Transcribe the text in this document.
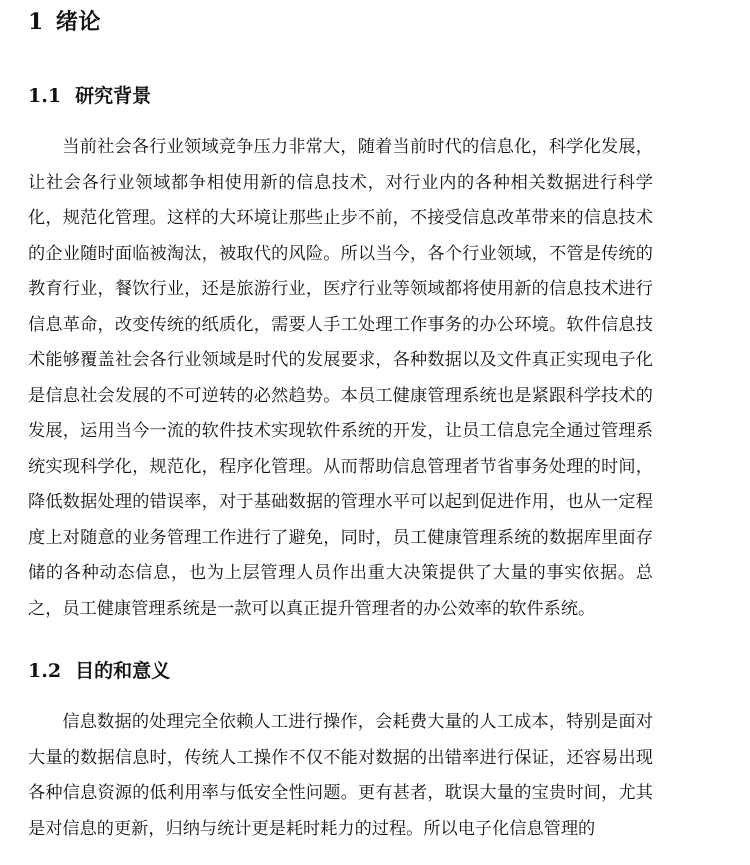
1 绪论
1.1 研究背景

当前社会各行业领域竞争压力非常大，随着当前时代的信息化，科学化发展，让社会各行业领域都争相使用新的信息技术，对行业内的各种相关数据进行科学化，规范化管理。这样的大环境让那些止步不前，不接受信息改革带来的信息技术的企业随时面临被淘汰，被取代的风险。所以当今，各个行业领域，不管是传统的教育行业，餐饮行业，还是旅游行业，医疗行业等领域都将使用新的信息技术进行信息革命，改变传统的纸质化，需要人手工处理工作事务的办公环境。软件信息技术能够覆盖社会各行业领域是时代的发展要求，各种数据以及文件真正实现电子化是信息社会发展的不可逆转的必然趋势。本员工健康管理系统也是紧跟科学技术的发展，运用当今一流的软件技术实现软件系统的开发，让员工信息完全通过管理系统实现科学化，规范化，程序化管理。从而帮助信息管理者节省事务处理的时间，降低数据处理的错误率，对于基础数据的管理水平可以起到促进作用，也从一定程度上对随意的业务管理工作进行了避免，同时，员工健康管理系统的数据库里面存储的各种动态信息，也为上层管理人员作出重大决策提供了大量的事实依据。总之，员工健康管理系统是一款可以真正提升管理者的办公效率的软件系统。

1.2 目的和意义

信息数据的处理完全依赖人工进行操作，会耗费大量的人工成本，特别是面对大量的数据信息时，传统人工操作不仅不能对数据的出错率进行保证，还容易出现各种信息资源的低利用率与低安全性问题。更有甚者，耽误大量的宝贵时间，尤其是对信息的更新，归纳与统计更是耗时耗力的过程。所以电子化信息管理的
